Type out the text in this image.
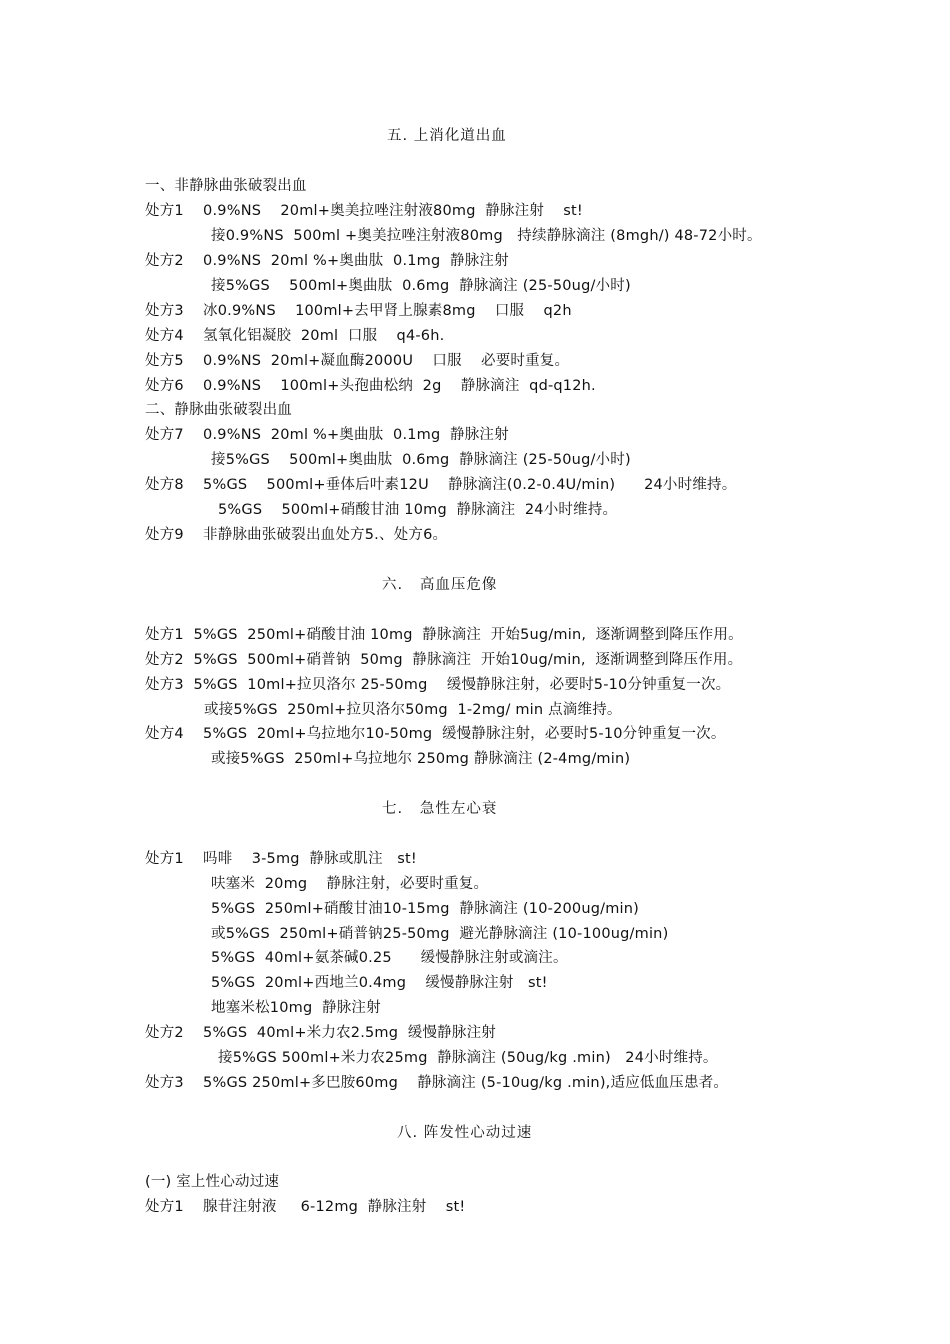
五. 上消化道出血
一、非静脉曲张破裂出血
处方1    0.9%NS    20ml+奥美拉唑注射液80mg  静脉注射    st!
接0.9%NS  500ml +奥美拉唑注射液80mg   持续静脉滴注 (8mgh/) 48-72小时。
处方2    0.9%NS  20ml %+奥曲肽  0.1mg  静脉注射
接5%GS    500ml+奥曲肽  0.6mg  静脉滴注 (25-50ug/小时)
处方3    冰0.9%NS    100ml+去甲肾上腺素8mg    口服    q2h
处方4    氢氧化铝凝胶  20ml  口服    q4-6h.
处方5    0.9%NS  20ml+凝血酶2000U    口服    必要时重复。
处方6    0.9%NS    100ml+头孢曲松纳  2g    静脉滴注  qd-q12h.
二、静脉曲张破裂出血
处方7    0.9%NS  20ml %+奥曲肽  0.1mg  静脉注射
接5%GS    500ml+奥曲肽  0.6mg  静脉滴注 (25-50ug/小时)
处方8    5%GS    500ml+垂体后叶素12U    静脉滴注(0.2-0.4U/min)      24小时维持。
5%GS    500ml+硝酸甘油 10mg  静脉滴注  24小时维持。
处方9    非静脉曲张破裂出血处方5.、处方6。
六.   高血压危像
处方1  5%GS  250ml+硝酸甘油 10mg  静脉滴注  开始5ug/min,  逐渐调整到降压作用。
处方2  5%GS  500ml+硝普钠  50mg  静脉滴注  开始10ug/min,  逐渐调整到降压作用。
处方3  5%GS  10ml+拉贝洛尔 25-50mg    缓慢静脉注射，必要时5-10分钟重复一次。
或接5%GS  250ml+拉贝洛尔50mg  1-2mg/ min 点滴维持。
处方4    5%GS  20ml+乌拉地尔10-50mg  缓慢静脉注射，必要时5-10分钟重复一次。
或接5%GS  250ml+乌拉地尔 250mg 静脉滴注 (2-4mg/min)
七.   急性左心衰
处方1    吗啡    3-5mg  静脉或肌注   st!
呋塞米  20mg    静脉注射，必要时重复。
5%GS  250ml+硝酸甘油10-15mg  静脉滴注 (10-200ug/min)
或5%GS  250ml+硝普钠25-50mg  避光静脉滴注 (10-100ug/min)
5%GS  40ml+氨茶碱0.25      缓慢静脉注射或滴注。
5%GS  20ml+西地兰0.4mg    缓慢静脉注射   st!
地塞米松10mg  静脉注射
处方2    5%GS  40ml+米力农2.5mg  缓慢静脉注射
接5%GS 500ml+米力农25mg  静脉滴注 (50ug/kg .min)   24小时维持。
处方3    5%GS 250ml+多巴胺60mg    静脉滴注 (5-10ug/kg .min),适应低血压患者。
八. 阵发性心动过速
(一) 室上性心动过速
处方1    腺苷注射液     6-12mg  静脉注射    st!
